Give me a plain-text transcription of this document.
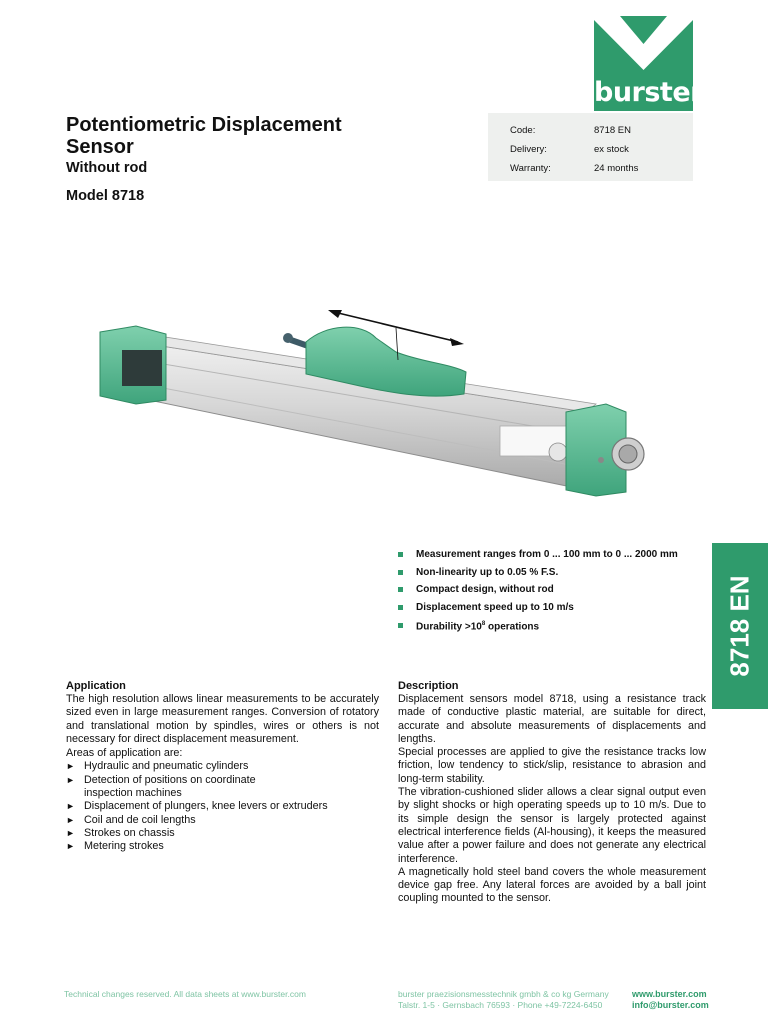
burster
Potentiometric Displacement
Sensor
Without rod
Model 8718
Code:	8718 EN
Delivery:	ex stock
Warranty:	24 months
Measurement ranges from 0 ... 100 mm to 0 ... 2000 mm
Non-linearity up to 0.05 % F.S.
Compact design, without rod
Displacement speed up to 10 m/s
Durability $>10^8$ operations	8718 EN
Application

The high resolution allows linear measurements to be accurately sized even in large measurement ranges. Conversion of rotatory and translational motion by spindles, wires or others is not necessary for direct displacement measurement.

Areas of application are:

► Hydraulic and pneumatic cylinders
► Detection of positions on coordinate inspection machines
► Displacement of plungers, knee levers or extruders
► Coil and de coil lengths
► Strokes on chassis
► Metering strokes
Description

Displacement sensors model 8718, using a resistance track made of conductive plastic material, are suitable for direct, accurate and absolute measurements of displacements and lengths.

Special processes are applied to give the resistance tracks low friction, low tendency to stick/slip, resistance to abrasion and long-term stability.

The vibration-cushioned slider allows a clear signal output even by slight shocks or high operating speeds up to 10 m/s. Due to its simple design the sensor is largely protected against electrical interference fields (Al-housing), it keeps the measured value after a power failure and does not generate any electrical interference.

A magnetically hold steel band covers the whole measurement device gap free. Any lateral forces are avoided by a ball joint coupling mounted to the sensor.

Technical changes reserved. All data sheets at www.burster.com	burster praezisionsmesstechnik gmbh & co kg Germany
Talstr. 1-5 · Gernsbach 76593 · Phone +49-7224-6450
www.burster.com
info@burster.com
